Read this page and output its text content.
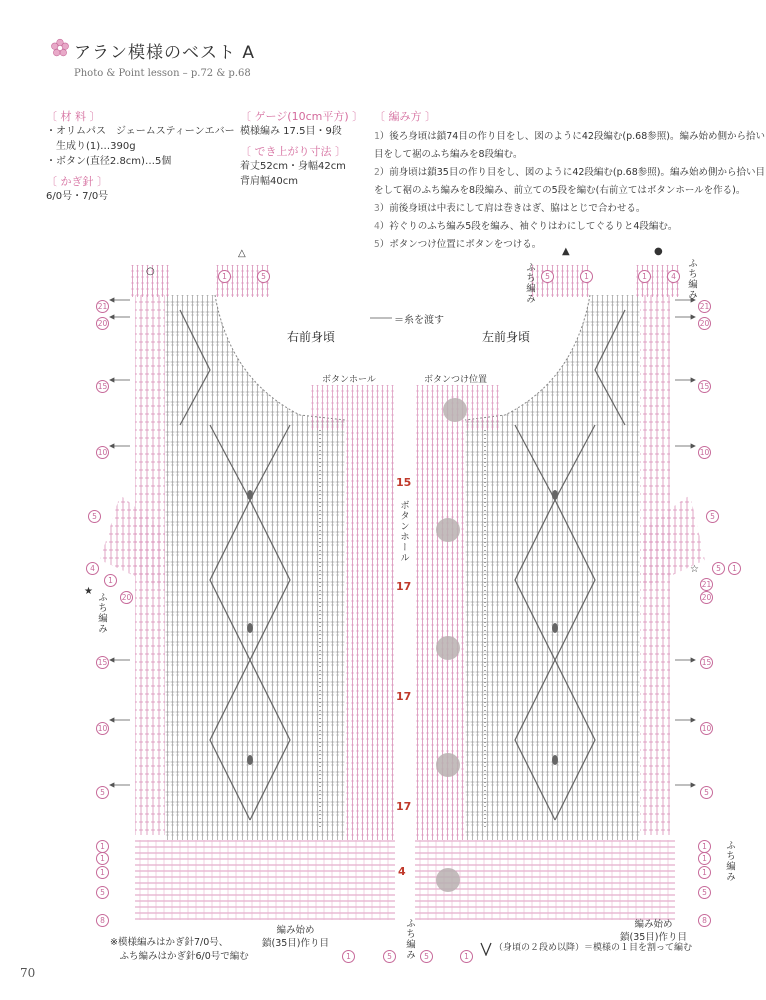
アラン模様のベスト A
Photo & Point lesson – p.72 & p.68
〔 材 料 〕
・オリムパス　ジェームスティーンエバー
　生成り(1)…390g
・ボタン(直径2.8cm)…5個
〔 かぎ針 〕
6/0号・7/0号
〔 ゲージ(10cm平方) 〕
模様編み 17.5目・9段
〔 でき上がり寸法 〕
着丈52cm・身幅42cm
背肩幅40cm
〔 編み方 〕
1）後ろ身頃は鎖74目の作り目をし、図のように42段編む(p.68参照)。編み始め側から拾い
目をして裾のふち編みを8段編む。
2）前身頃は鎖35目の作り目をし、図のように42段編む(p.68参照)。編み始め側から拾い目
をして裾のふち編みを8段編み、前立ての5段を編む(右前立てはボタンホールを作る)。
3）前後身頃は中表にして肩は巻きはぎ、脇はとじで合わせる。
4）衿ぐりのふち編み5段を編み、袖ぐりはわにしてぐるりと4段編む。
5）ボタンつけ位置にボタンをつける。
右前身頃	左前身頃
＝糸を渡す
ボタンホール	ボタンつけ位置
ボタンホール
15
17
17
17
4
21
20
15
10
5
1
1
1
5
8
20
15
10
5
21
20
15
10
5
1
1
1
5
8
21
20
15
10
5
4
1
5	1
1	5	5	1	1	4
○
△	▲	●
☆
★
ふち編み	ふち編み
ふち編み
ふち編み
ふち編み
1	5	5	1
編み始め
鎖(35目)作り目
編み始め
鎖(35目)作り目
※模様編みはかぎ針7/0号、
　ふち編みはかぎ針6/0号で編む
（身頃の２段め以降）＝模様の１目を割って編む
70
